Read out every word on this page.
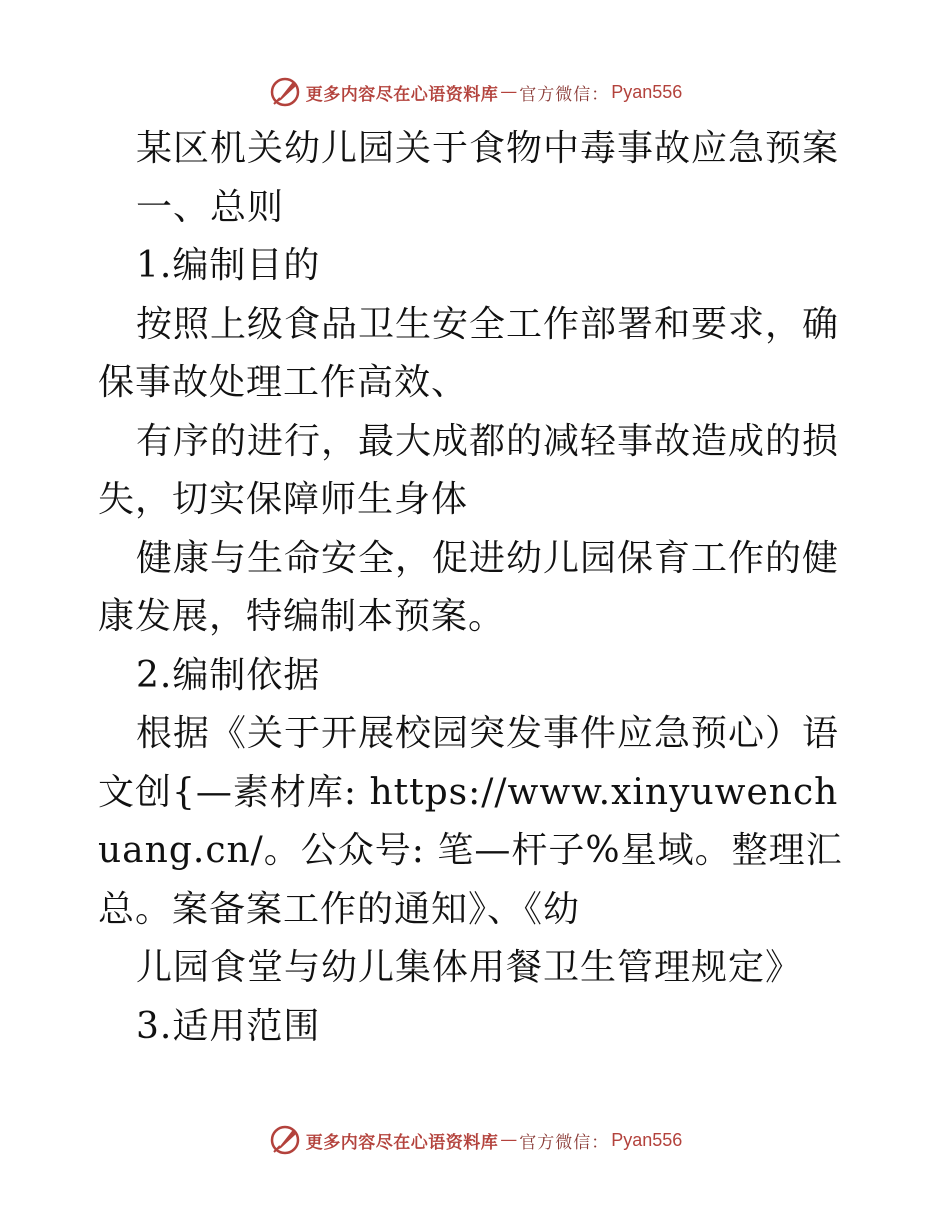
更多内容尽在心语资料库 — 官方微信： Pyan556

某区机关幼儿园关于食物中毒事故应急预案

一、总则

1.编制目的

按照上级食品卫生安全工作部署和要求，确保事故处理工作高效、

有序的进行，最大成都的减轻事故造成的损失，切实保障师生身体

健康与生命安全，促进幼儿园保育工作的健康发展，特编制本预案。

2.编制依据

根据《关于开展校园突发事件应急预心）语文创{—素材库: https://www.xinyuwenchuang.cn/。公众号: 笔—杆子%星域。整理汇总。案备案工作的通知》、《幼

儿园食堂与幼儿集体用餐卫生管理规定》

3.适用范围

更多内容尽在心语资料库 — 官方微信： Pyan556
